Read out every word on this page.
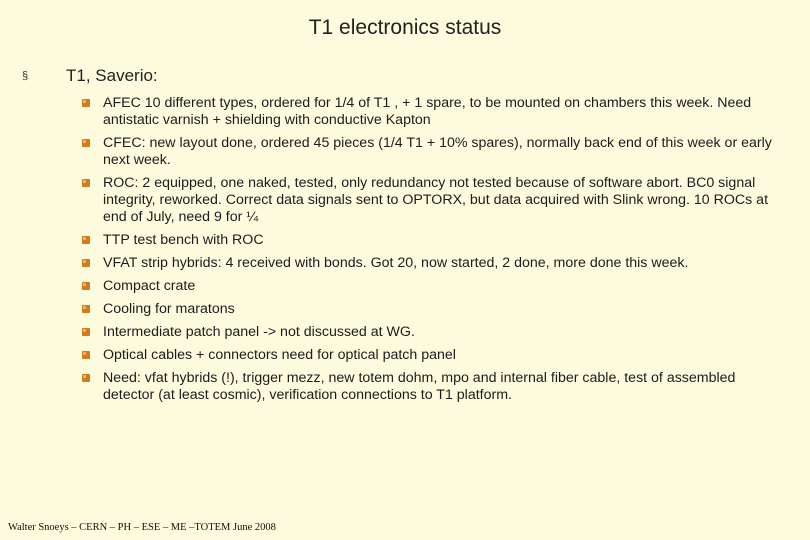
T1 electronics status
§ T1, Saverio:
AFEC 10 different types, ordered for 1/4 of T1 , + 1 spare, to be mounted on chambers this week. Need antistatic varnish + shielding with conductive Kapton
CFEC: new layout done, ordered 45 pieces (1/4 T1 + 10% spares), normally back end of this week or early next week.
ROC: 2 equipped, one naked, tested, only redundancy not tested because of software abort. BC0 signal integrity, reworked. Correct data signals sent to OPTORX, but data acquired with Slink wrong. 10 ROCs at end of July, need 9 for ¼
TTP test bench with ROC
VFAT strip hybrids: 4 received with bonds. Got 20, now started, 2 done, more done this week.
Compact crate
Cooling for maratons
Intermediate patch panel -> not discussed at WG.
Optical cables + connectors need for optical patch panel
Need: vfat hybrids (!), trigger mezz, new totem dohm, mpo and internal fiber cable, test of assembled detector (at least cosmic), verification connections to T1 platform.
Walter Snoeys – CERN – PH – ESE – ME –TOTEM June 2008
